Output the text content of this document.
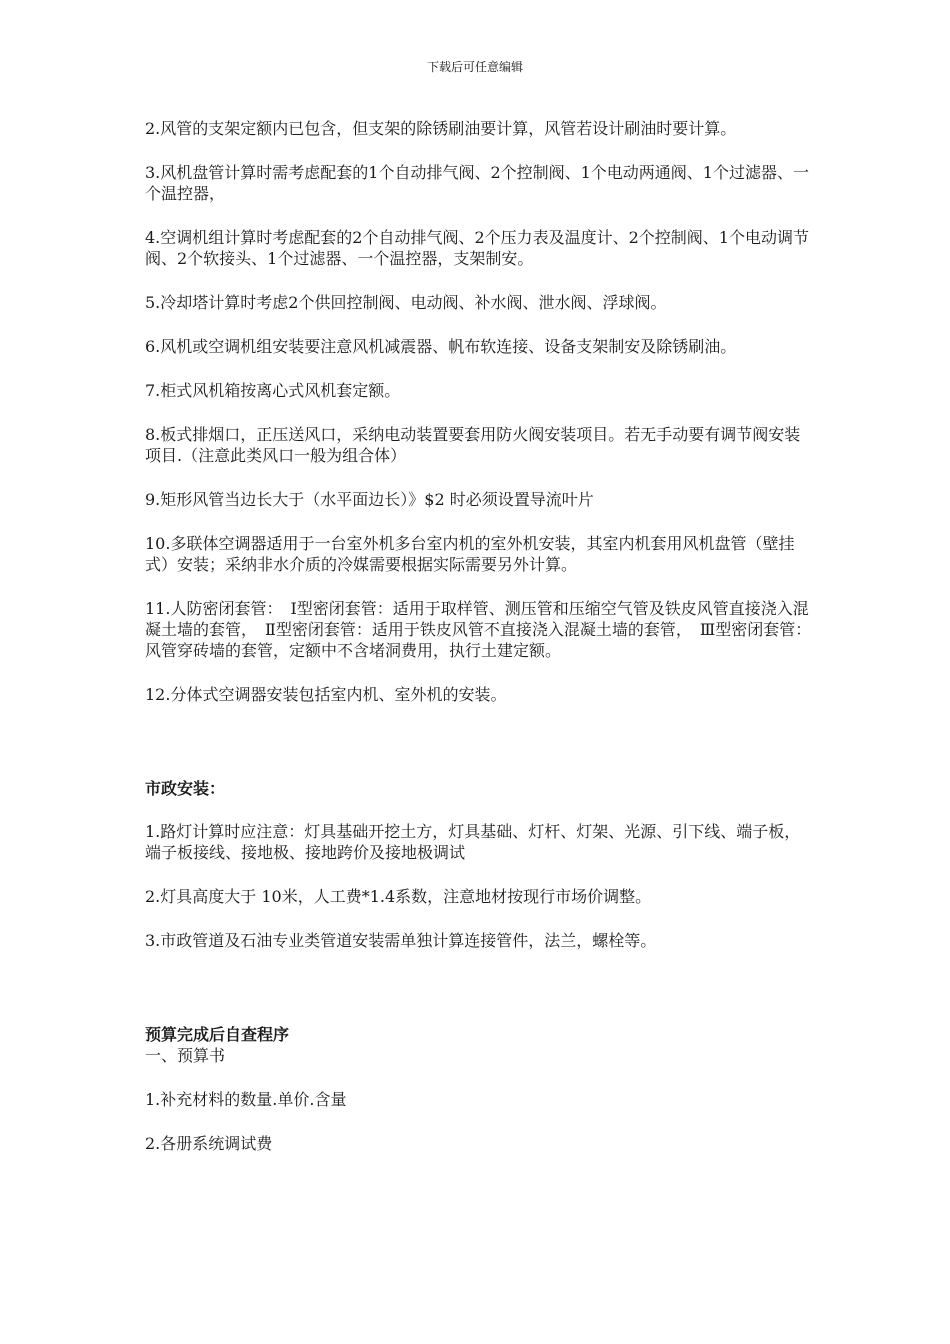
下载后可任意编辑

2.风管的支架定额内已包含，但支架的除锈刷油要计算，风管若设计刷油时要计算。

3.风机盘管计算时需考虑配套的1个自动排气阀、2个控制阀、1个电动两通阀、1个过滤器、一个温控器，

4.空调机组计算时考虑配套的2个自动排气阀、2个压力表及温度计、2个控制阀、1个电动调节阀、2个软接头、1个过滤器、一个温控器，支架制安。

5.冷却塔计算时考虑2个供回控制阀、电动阀、补水阀、泄水阀、浮球阀。

6.风机或空调机组安装要注意风机减震器、帆布软连接、设备支架制安及除锈刷油。

7.柜式风机箱按离心式风机套定额。

8.板式排烟口，正压送风口，采纳电动装置要套用防火阀安装项目。若无手动要有调节阀安装项目.（注意此类风口一般为组合体）

9.矩形风管当边长大于（水平面边长）》$2 时必须设置导流叶片

10.多联体空调器适用于一台室外机多台室内机的室外机安装，其室内机套用风机盘管（壁挂式）安装；采纳非水介质的冷媒需要根据实际需要另外计算。

11.人防密闭套管：　Ⅰ型密闭套管：适用于取样管、测压管和压缩空气管及铁皮风管直接浇入混凝土墙的套管，　Ⅱ型密闭套管：适用于铁皮风管不直接浇入混凝土墙的套管，　Ⅲ型密闭套管：风管穿砖墙的套管，定额中不含堵洞费用，执行土建定额。

12.分体式空调器安装包括室内机、室外机的安装。

市政安装：

1.路灯计算时应注意：灯具基础开挖土方，灯具基础、灯杆、灯架、光源、引下线、端子板，端子板接线、接地极、接地跨价及接地极调试

2.灯具高度大于 10米，人工费*1.4系数，注意地材按现行市场价调整。

3.市政管道及石油专业类管道安装需单独计算连接管件，法兰，螺栓等。

预算完成后自查程序

一、预算书

1.补充材料的数量.单价.含量

2.各册系统调试费
